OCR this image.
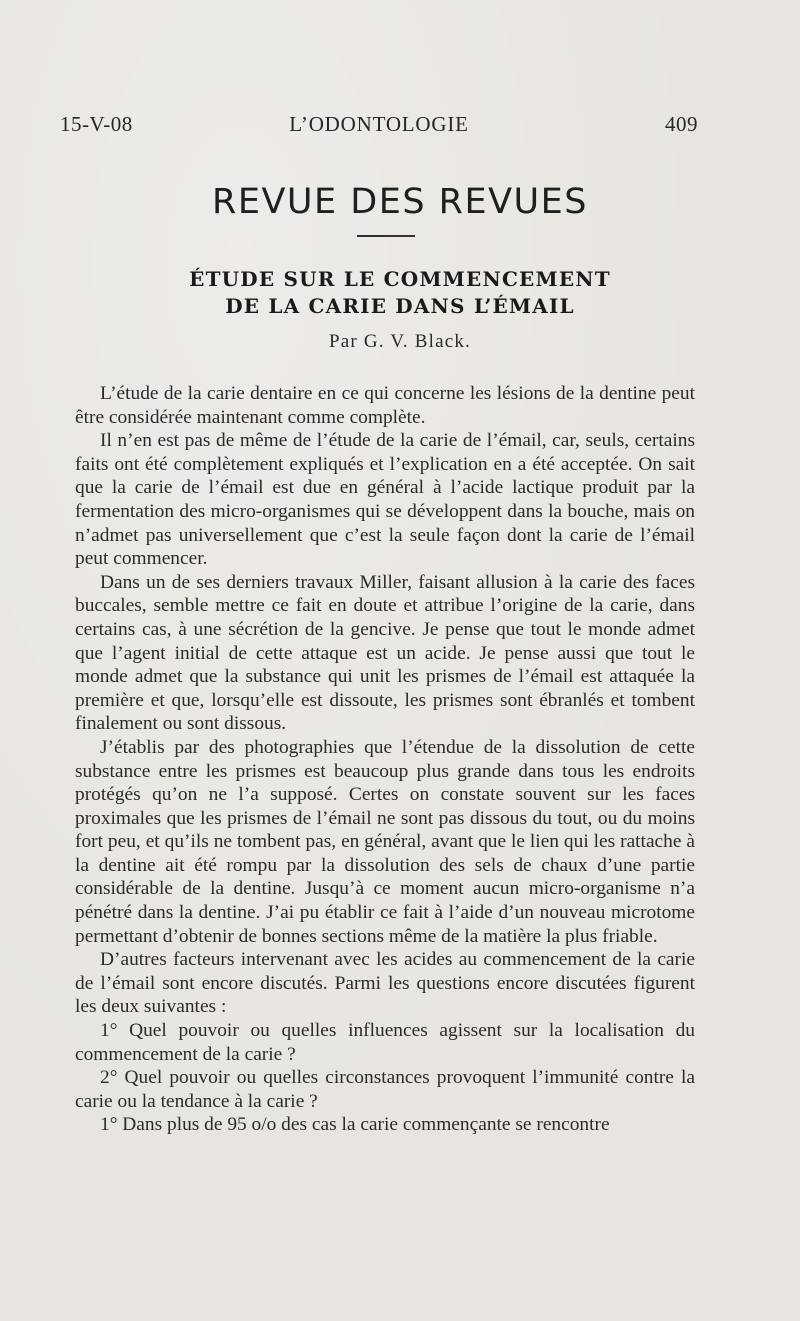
15-V-08	L’ODONTOLOGIE	409
REVUE DES REVUES
ÉTUDE SUR LE COMMENCEMENT
DE LA CARIE DANS L’ÉMAIL
Par G. V. Black.

L’étude de la carie dentaire en ce qui concerne les lésions de la dentine peut être considérée maintenant comme complète.

Il n’en est pas de même de l’étude de la carie de l’émail, car, seuls, certains faits ont été complètement expliqués et l’explication en a été acceptée. On sait que la carie de l’émail est due en général à l’acide lactique produit par la fermentation des micro-organismes qui se développent dans la bouche, mais on n’admet pas universellement que c’est la seule façon dont la carie de l’émail peut commencer.

Dans un de ses derniers travaux Miller, faisant allusion à la carie des faces buccales, semble mettre ce fait en doute et attribue l’origine de la carie, dans certains cas, à une sécrétion de la gencive. Je pense que tout le monde admet que l’agent initial de cette attaque est un acide. Je pense aussi que tout le monde admet que la substance qui unit les prismes de l’émail est attaquée la première et que, lorsqu’elle est dissoute, les prismes sont ébranlés et tombent finalement ou sont dissous.

J’établis par des photographies que l’étendue de la dissolution de cette substance entre les prismes est beaucoup plus grande dans tous les endroits protégés qu’on ne l’a supposé. Certes on constate souvent sur les faces proximales que les prismes de l’émail ne sont pas dissous du tout, ou du moins fort peu, et qu’ils ne tombent pas, en général, avant que le lien qui les rattache à la dentine ait été rompu par la dissolution des sels de chaux d’une partie considérable de la dentine. Jusqu’à ce moment aucun micro-organisme n’a pénétré dans la dentine. J’ai pu établir ce fait à l’aide d’un nouveau microtome permettant d’obtenir de bonnes sections même de la matière la plus friable.

D’autres facteurs intervenant avec les acides au commencement de la carie de l’émail sont encore discutés. Parmi les questions encore discutées figurent les deux suivantes :

1° Quel pouvoir ou quelles influences agissent sur la localisation du commencement de la carie ?

2° Quel pouvoir ou quelles circonstances provoquent l’immunité contre la carie ou la tendance à la carie ?

1° Dans plus de 95 o/o des cas la carie commençante se rencontre
